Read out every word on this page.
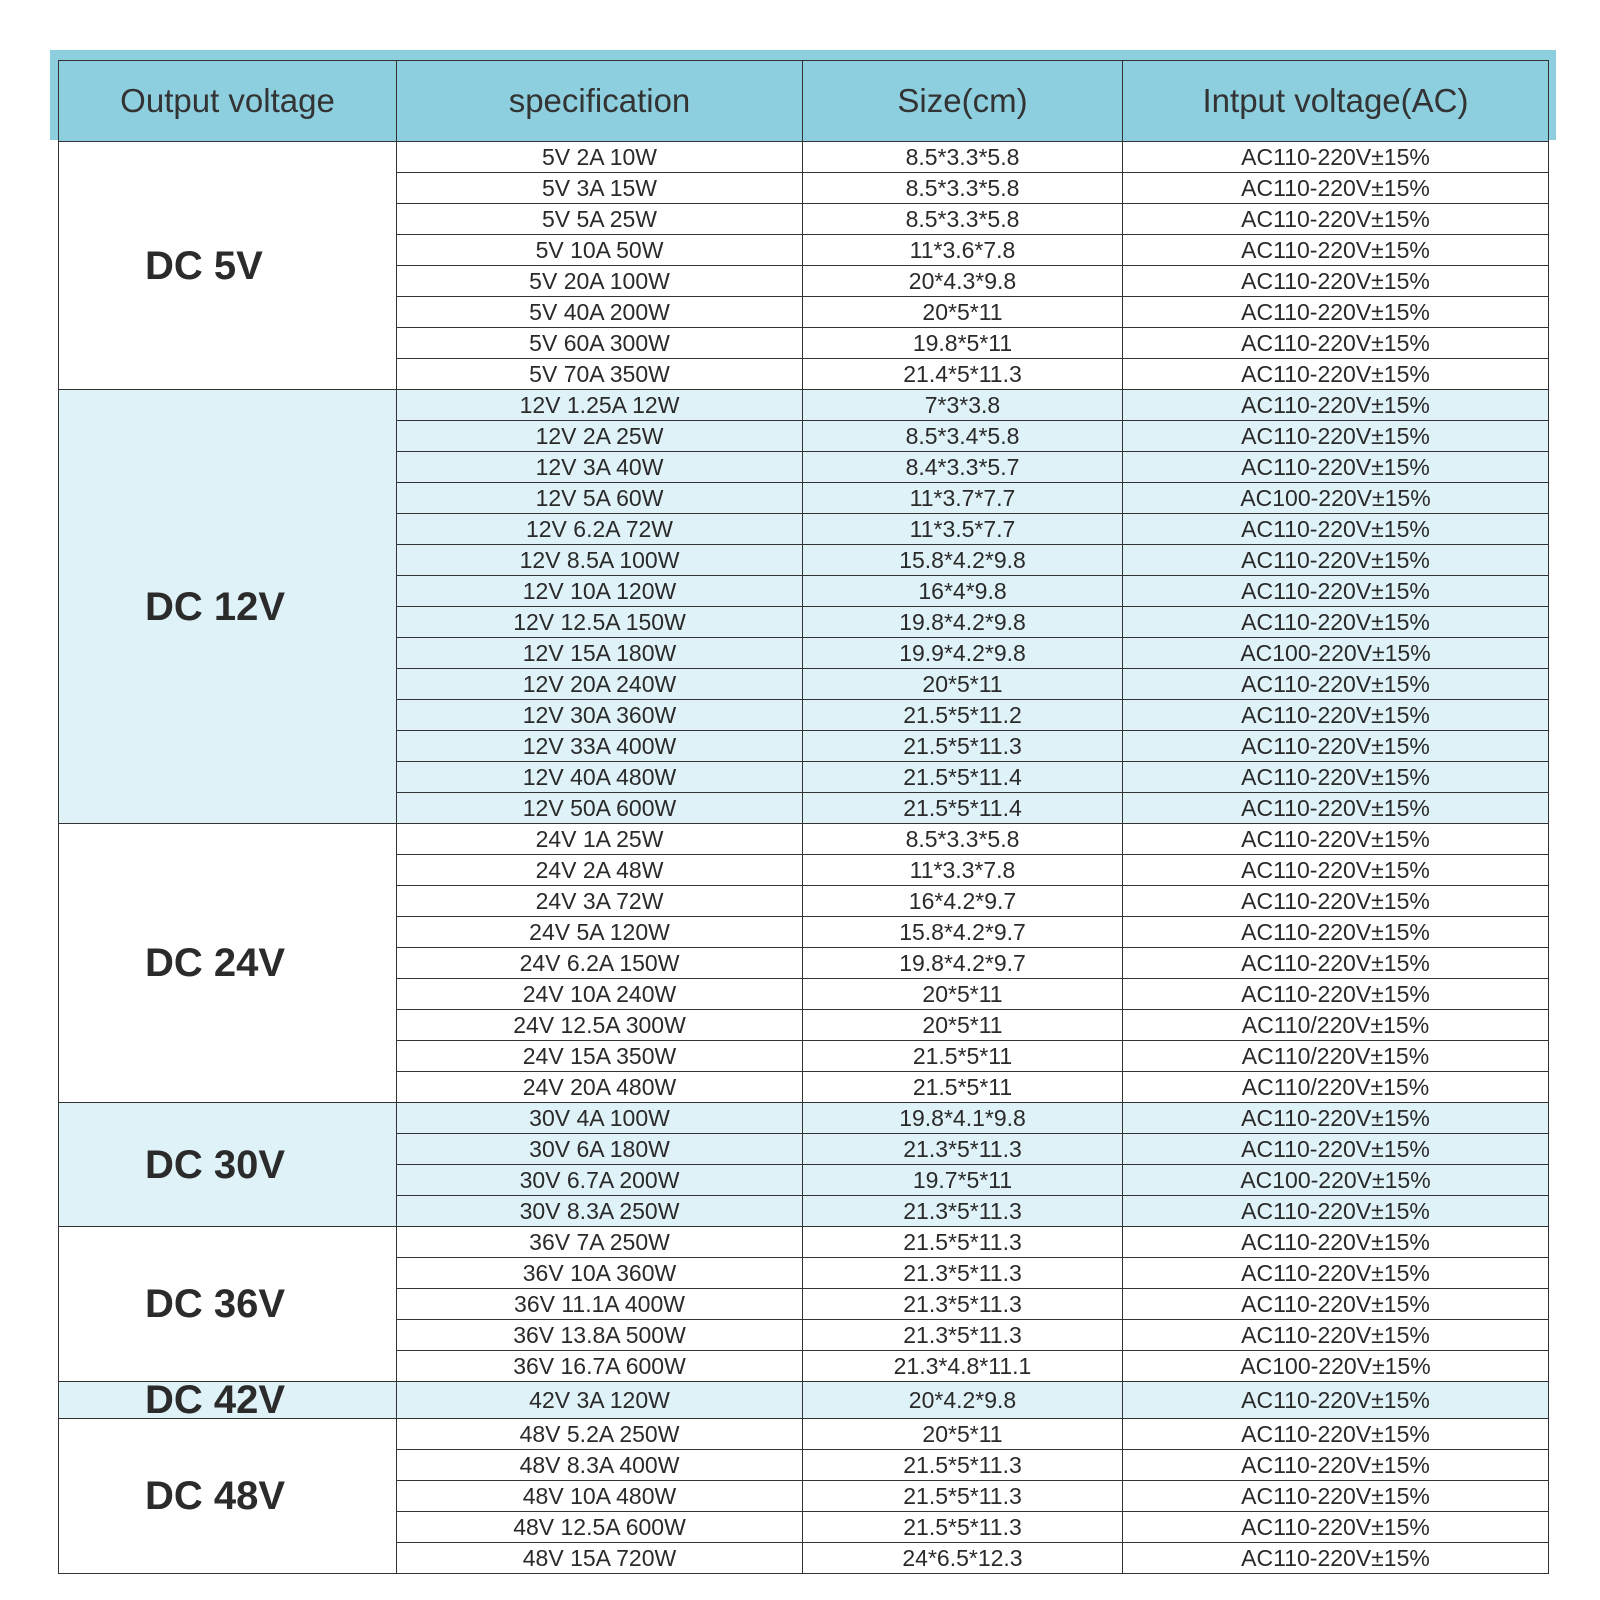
Output voltage	specification	Size(cm)	Intput voltage(AC)
DC 5V	5V 2A 10W	8.5*3.3*5.8	AC110-220V±15%
	5V 3A 15W	8.5*3.3*5.8	AC110-220V±15%
	5V 5A 25W	8.5*3.3*5.8	AC110-220V±15%
	5V 10A 50W	11*3.6*7.8	AC110-220V±15%
	5V 20A 100W	20*4.3*9.8	AC110-220V±15%
	5V 40A 200W	20*5*11	AC110-220V±15%
	5V 60A 300W	19.8*5*11	AC110-220V±15%
	5V 70A 350W	21.4*5*11.3	AC110-220V±15%
DC 12V	12V 1.25A 12W	7*3*3.8	AC110-220V±15%
	12V 2A 25W	8.5*3.4*5.8	AC110-220V±15%
	12V 3A 40W	8.4*3.3*5.7	AC110-220V±15%
	12V 5A 60W	11*3.7*7.7	AC100-220V±15%
	12V 6.2A 72W	11*3.5*7.7	AC110-220V±15%
	12V 8.5A 100W	15.8*4.2*9.8	AC110-220V±15%
	12V 10A 120W	16*4*9.8	AC110-220V±15%
	12V 12.5A 150W	19.8*4.2*9.8	AC110-220V±15%
	12V 15A 180W	19.9*4.2*9.8	AC100-220V±15%
	12V 20A 240W	20*5*11	AC110-220V±15%
	12V 30A 360W	21.5*5*11.2	AC110-220V±15%
	12V 33A 400W	21.5*5*11.3	AC110-220V±15%
	12V 40A 480W	21.5*5*11.4	AC110-220V±15%
	12V 50A 600W	21.5*5*11.4	AC110-220V±15%
DC 24V	24V 1A 25W	8.5*3.3*5.8	AC110-220V±15%
	24V 2A 48W	11*3.3*7.8	AC110-220V±15%
	24V 3A 72W	16*4.2*9.7	AC110-220V±15%
	24V 5A 120W	15.8*4.2*9.7	AC110-220V±15%
	24V 6.2A 150W	19.8*4.2*9.7	AC110-220V±15%
	24V 10A 240W	20*5*11	AC110-220V±15%
	24V 12.5A 300W	20*5*11	AC110/220V±15%
	24V 15A 350W	21.5*5*11	AC110/220V±15%
	24V 20A 480W	21.5*5*11	AC110/220V±15%
DC 30V	30V 4A 100W	19.8*4.1*9.8	AC110-220V±15%
	30V 6A 180W	21.3*5*11.3	AC110-220V±15%
	30V 6.7A 200W	19.7*5*11	AC100-220V±15%
	30V 8.3A 250W	21.3*5*11.3	AC110-220V±15%
DC 36V	36V 7A 250W	21.5*5*11.3	AC110-220V±15%
	36V 10A 360W	21.3*5*11.3	AC110-220V±15%
	36V 11.1A 400W	21.3*5*11.3	AC110-220V±15%
	36V 13.8A 500W	21.3*5*11.3	AC110-220V±15%
	36V 16.7A 600W	21.3*4.8*11.1	AC100-220V±15%
DC 42V	42V 3A 120W	20*4.2*9.8	AC110-220V±15%
DC 48V	48V 5.2A 250W	20*5*11	AC110-220V±15%
	48V 8.3A 400W	21.5*5*11.3	AC110-220V±15%
	48V 10A 480W	21.5*5*11.3	AC110-220V±15%
	48V 12.5A 600W	21.5*5*11.3	AC110-220V±15%
	48V 15A 720W	24*6.5*12.3	AC110-220V±15%
